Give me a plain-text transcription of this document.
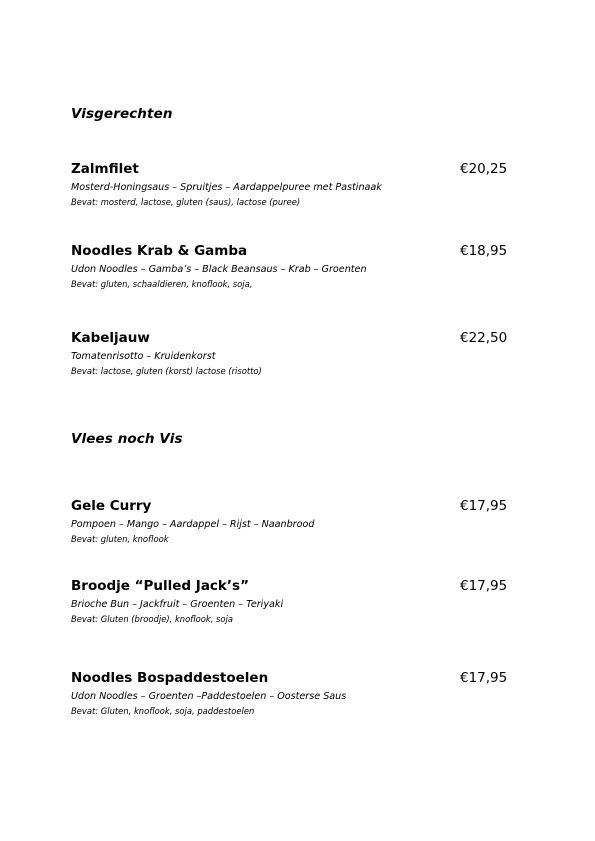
Visgerechten
Zalmfilet	€20,25
Mosterd-Honingsaus – Spruitjes – Aardappelpuree met Pastinaak
Bevat: mosterd, lactose, gluten (saus), lactose (puree)
Noodles Krab & Gamba	€18,95
Udon Noodles – Gamba’s – Black Beansaus – Krab – Groenten
Bevat: gluten, schaaldieren, knoflook, soja,
Kabeljauw	€22,50
Tomatenrisotto – Kruidenkorst
Bevat: lactose, gluten (korst) lactose (risotto)
Vlees noch Vis
Gele Curry	€17,95
Pompoen – Mango – Aardappel – Rijst – Naanbrood
Bevat: gluten, knoflook
Broodje “Pulled Jack’s”	€17,95
Brioche Bun – Jackfruit – Groenten – Teriyaki
Bevat: Gluten (broodje), knoflook, soja
Noodles Bospaddestoelen	€17,95
Udon Noodles – Groenten –Paddestoelen – Oosterse Saus
Bevat: Gluten, knoflook, soja, paddestoelen
